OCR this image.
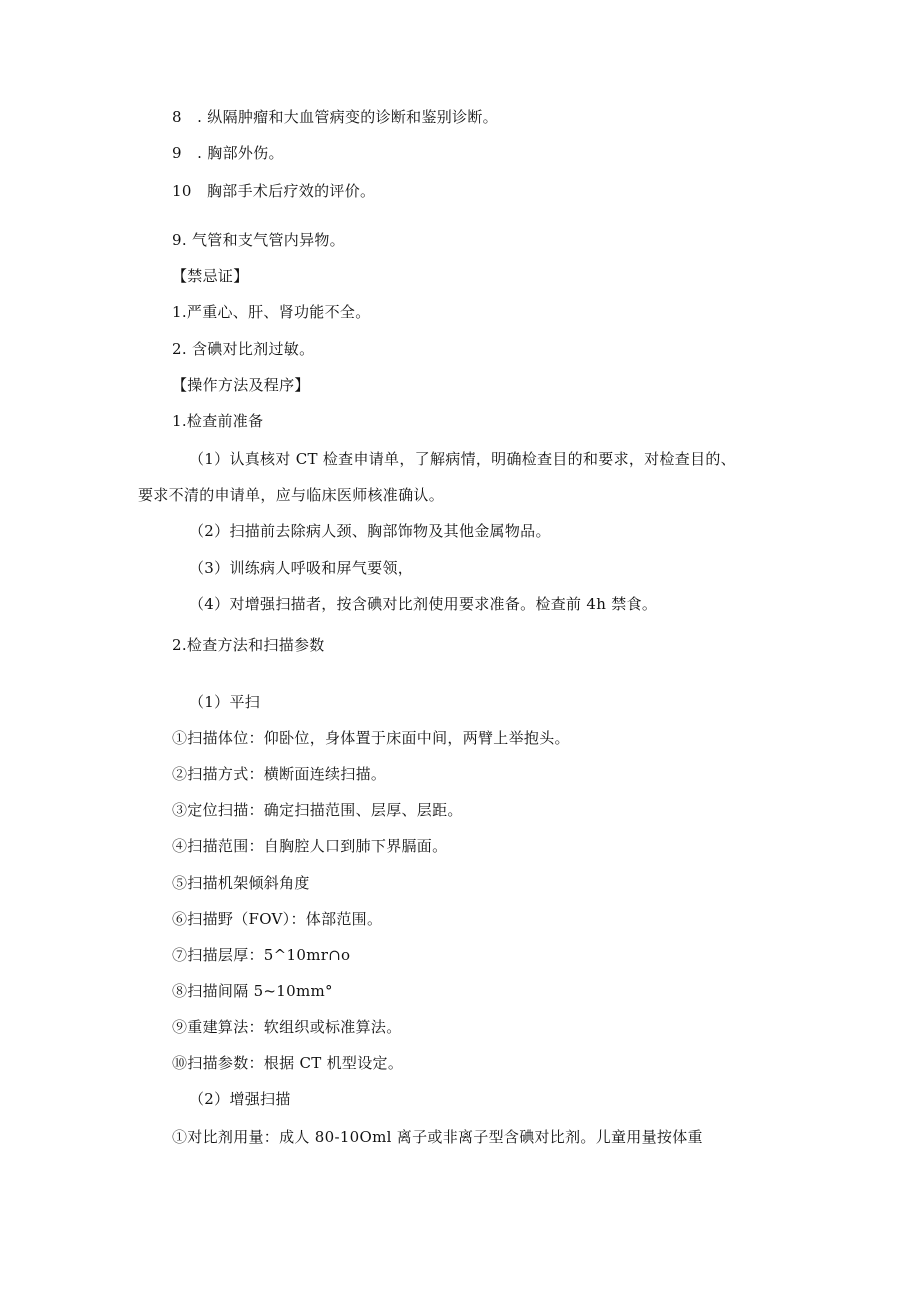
8　. 纵隔肿瘤和大血管病变的诊断和鉴别诊断。
9　. 胸部外伤。
10　胸部手术后疗效的评价。
9. 气管和支气管内异物。
【禁忌证】
1.严重心、肝、肾功能不全。
2. 含碘对比剂过敏。
【操作方法及程序】
1.检查前准备
（1）认真核对 CT 检查申请单，了解病情，明确检查目的和要求，对检查目的、
要求不清的申请单，应与临床医师核准确认。
（2）扫描前去除病人颈、胸部饰物及其他金属物品。
（3）训练病人呼吸和屏气要领，
（4）对增强扫描者，按含碘对比剂使用要求准备。检查前 4h 禁食。
2.检查方法和扫描参数
（1）平扫
①扫描体位：仰卧位，身体置于床面中间，两臂上举抱头。
②扫描方式：横断面连续扫描。
③定位扫描：确定扫描范围、层厚、层距。
④扫描范围：自胸腔人口到肺下界膈面。
⑤扫描机架倾斜角度
⑥扫描野（FOV）：体部范围。
⑦扫描层厚：5^10mr∩o
⑧扫描间隔 5~10mm°
⑨重建算法：软组织或标准算法。
⑩扫描参数：根据 CT 机型设定。
（2）增强扫描
①对比剂用量：成人 80-10Oml 离子或非离子型含碘对比剂。儿童用量按体重
